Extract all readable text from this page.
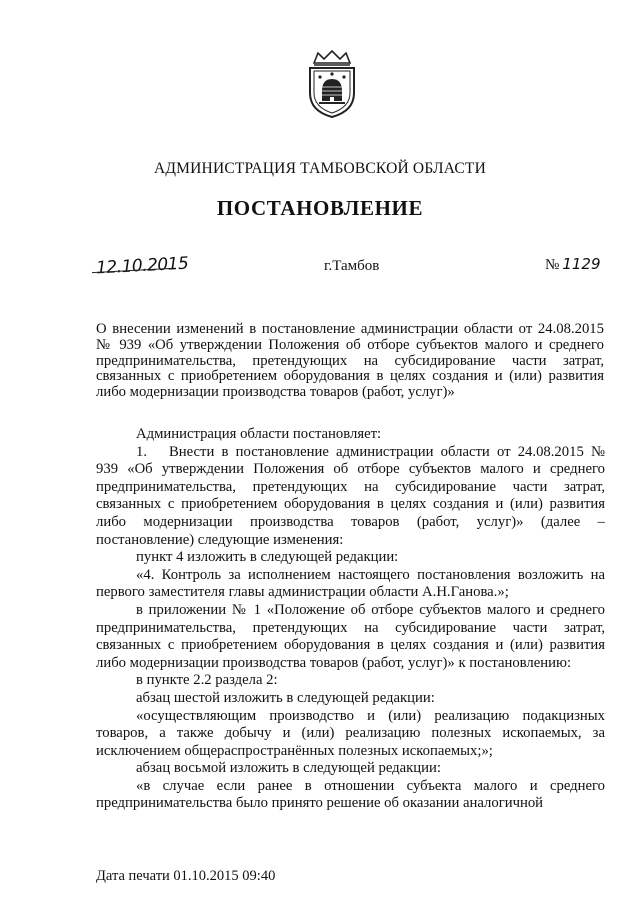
АДМИНИСТРАЦИЯ ТАМБОВСКОЙ ОБЛАСТИ
ПОСТАНОВЛЕНИЕ
12.10.2015	г.Тамбов	№ 1129
О внесении изменений в постановление администрации области от 24.08.2015 № 939 «Об утверждении Положения об отборе субъектов малого и среднего предпринимательства, претендующих на субсидирование части затрат, связанных с приобретением оборудования в целях создания и (или) развития либо модернизации производства товаров (работ, услуг)»

Администрация области постановляет:

1. Внести в постановление администрации области от 24.08.2015 № 939 «Об утверждении Положения об отборе субъектов малого и среднего предпринимательства, претендующих на субсидирование части затрат, связанных с приобретением оборудования в целях создания и (или) развития либо модернизации производства товаров (работ, услуг)» (далее – постановление) следующие изменения:

пункт 4 изложить в следующей редакции:

«4. Контроль за исполнением настоящего постановления возложить на первого заместителя главы администрации области А.Н.Ганова.»;

в приложении № 1 «Положение об отборе субъектов малого и среднего предпринимательства, претендующих на субсидирование части затрат, связанных с приобретением оборудования в целях создания и (или) развития либо модернизации производства товаров (работ, услуг)» к постановлению:

в пункте 2.2 раздела 2:

абзац шестой изложить в следующей редакции:

«осуществляющим производство и (или) реализацию подакцизных товаров, а также добычу и (или) реализацию полезных ископаемых, за исключением общераспространённых полезных ископаемых;»;

абзац восьмой изложить в следующей редакции:

«в случае если ранее в отношении субъекта малого и среднего предпринимательства было принято решение об оказании аналогичной

Дата печати 01.10.2015 09:40
